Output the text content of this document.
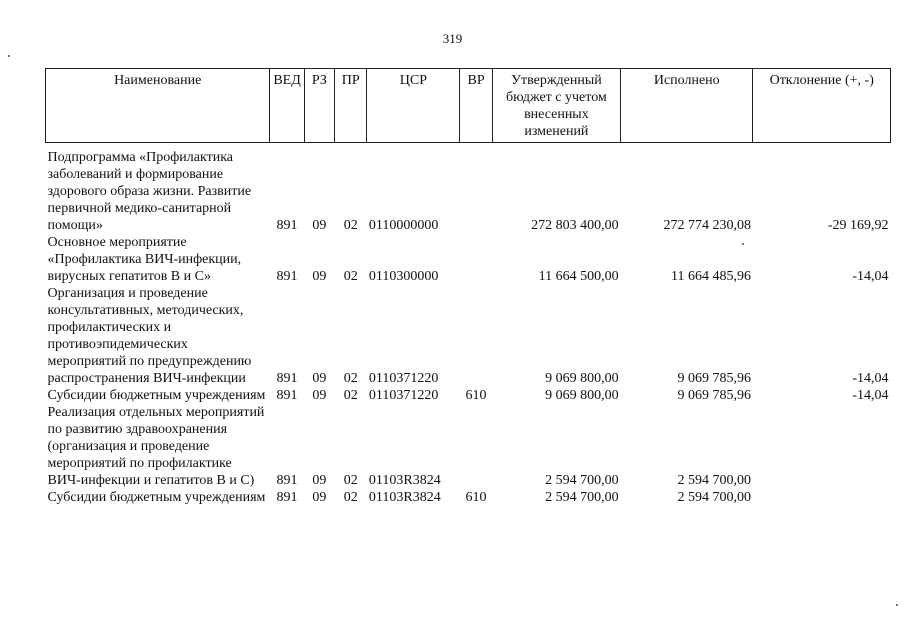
319
Наименование	ВЕД	РЗ	ПР	ЦСР	ВР	Утвержденный бюджет с учетом внесенных изменений	Исполнено	Отклонение (+, -)
Подпрограмма «Профилактика заболеваний и формирование здорового образа жизни. Развитие первичной медико-санитарной помощи»	891	09	02	0110000000		272 803 400,00	272 774 230,08	-29 169,92
Основное мероприятие «Профилактика ВИЧ-инфекции, вирусных гепатитов В и С»	891	09	02	0110300000		11 664 500,00	11 664 485,96	-14,04
Организация и проведение консультативных, методических, профилактических и противоэпидемических мероприятий по предупреждению распространения ВИЧ-инфекции	891	09	02	0110371220		9 069 800,00	9 069 785,96	-14,04
Субсидии бюджетным учреждениям	891	09	02	0110371220	610	9 069 800,00	9 069 785,96	-14,04
Реализация отдельных мероприятий по развитию здравоохранения (организация и проведение мероприятий по профилактике ВИЧ-инфекции и гепатитов В и С)	891	09	02	01103R3824		2 594 700,00	2 594 700,00	
Субсидии бюджетным учреждениям	891	09	02	01103R3824	610	2 594 700,00	2 594 700,00	
